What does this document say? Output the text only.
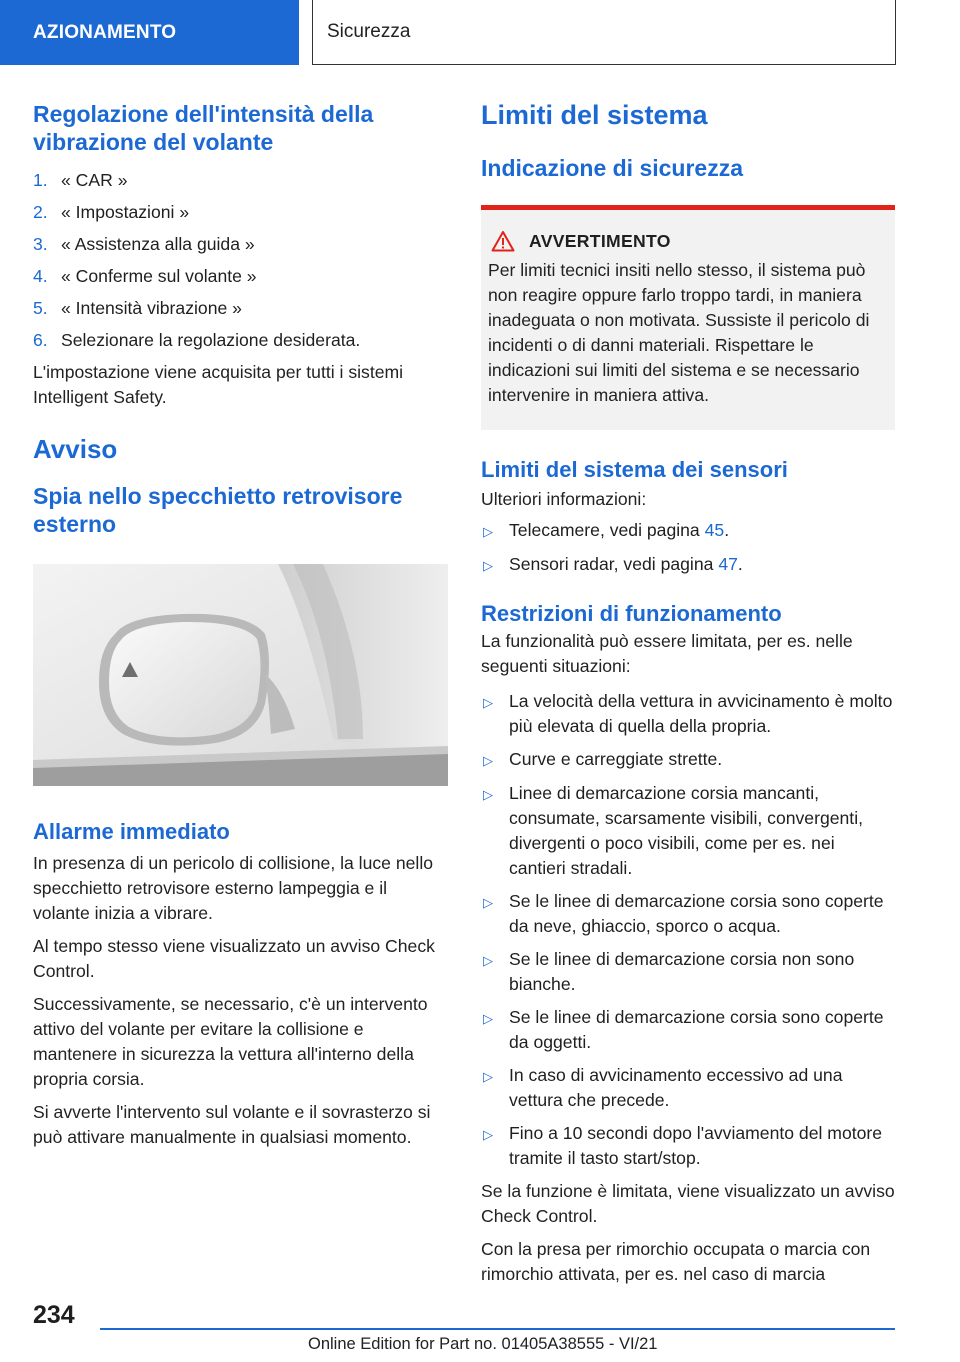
AZIONAMENTO	Sicurezza
Regolazione dell'intensità della vibrazione del volante
1. « CAR »
2. « Impostazioni »
3. « Assistenza alla guida »
4. « Conferme sul volante »
5. « Intensità vibrazione »
6. Selezionare la regolazione desiderata.

L'impostazione viene acquisita per tutti i sistemi Intelligent Safety.

Avviso
Spia nello specchietto retrovisore esterno
Allarme immediato

In presenza di un pericolo di collisione, la luce nello specchietto retrovisore esterno lampeggia e il volante inizia a vibrare.

Al tempo stesso viene visualizzato un avviso Check Control.

Successivamente, se necessario, c'è un intervento attivo del volante per evitare la collisione e mantenere in sicurezza la vettura all'interno della propria corsia.

Si avverte l'intervento sul volante e il sovrasterzo si può attivare manualmente in qualsiasi momento.

Limiti del sistema
Indicazione di sicurezza
AVVERTIMENTO

Per limiti tecnici insiti nello stesso, il sistema può non reagire oppure farlo troppo tardi, in maniera inadeguata o non motivata. Sussiste il pericolo di incidenti o di danni materiali. Rispettare le indicazioni sui limiti del sistema e se necessario intervenire in maniera attiva.

Limiti del sistema dei sensori

Ulteriori informazioni:

▷ Telecamere, vedi pagina 45.
▷ Sensori radar, vedi pagina 47.
Restrizioni di funzionamento

La funzionalità può essere limitata, per es. nelle seguenti situazioni:

▷ La velocità della vettura in avvicinamento è molto più elevata di quella della propria.
▷ Curve e carreggiate strette.
▷ Linee di demarcazione corsia mancanti, consumate, scarsamente visibili, convergenti, divergenti o poco visibili, come per es. nei cantieri stradali.
▷ Se le linee di demarcazione corsia sono coperte da neve, ghiaccio, sporco o acqua.
▷ Se le linee di demarcazione corsia non sono bianche.
▷ Se le linee di demarcazione corsia sono coperte da oggetti.
▷ In caso di avvicinamento eccessivo ad una vettura che precede.
▷ Fino a 10 secondi dopo l'avviamento del motore tramite il tasto start/stop.

Se la funzione è limitata, viene visualizzato un avviso Check Control.

Con la presa per rimorchio occupata o marcia con rimorchio attivata, per es. nel caso di marcia

234
Online Edition for Part no. 01405A38555 - VI/21
